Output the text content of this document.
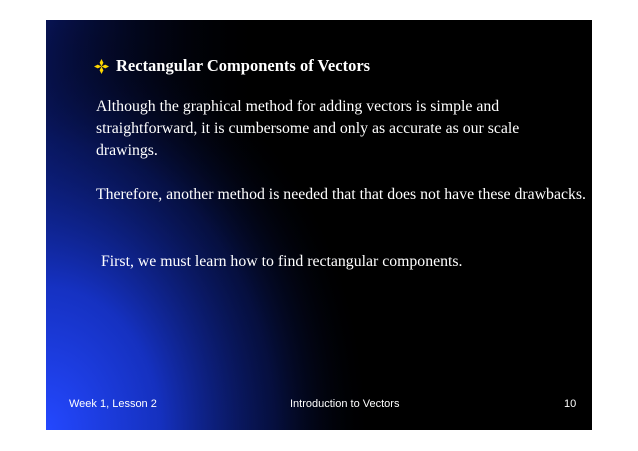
Rectangular Components of Vectors

Although the graphical method for adding vectors is simple and straightforward, it is cumbersome and only as accurate as our scale drawings.

Therefore, another method is needed that that does not have these drawbacks.

First, we must learn how to find rectangular components.

Week 1, Lesson 2	Introduction to Vectors	10
